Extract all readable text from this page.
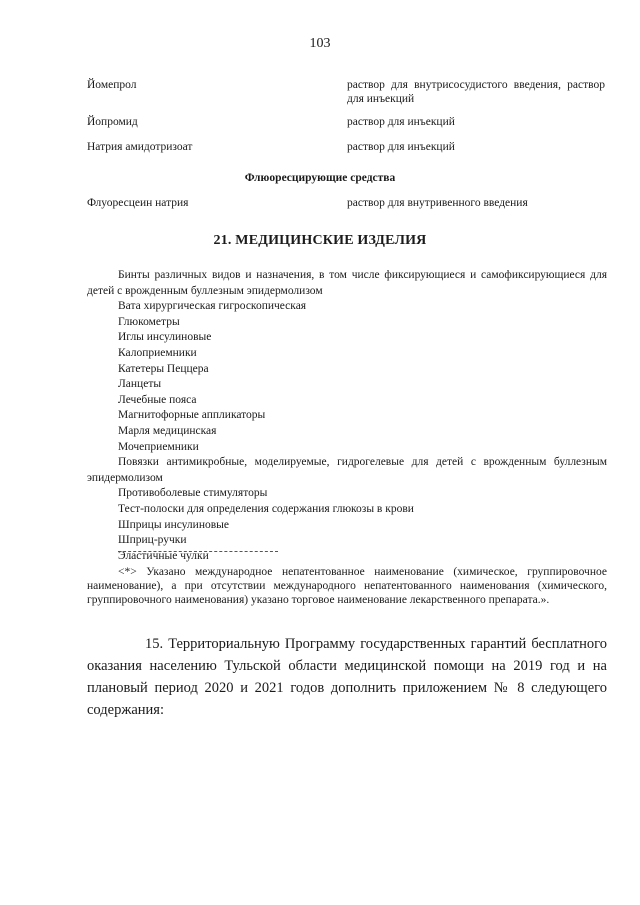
103
Йомепрол	раствор для внутрисосудистого введения, раствор для инъекций
Йопромид	раствор для инъекций
Натрия амидотризоат	раствор для инъекций
Флюоресцирующие средства
Флуоресцеин натрия	раствор для внутривенного введения
21. МЕДИЦИНСКИЕ ИЗДЕЛИЯ

Бинты различных видов и назначения, в том числе фиксирующиеся и самофиксирующиеся для детей с врожденным буллезным эпидермолизом

Вата хирургическая гигроскопическая

Глюкометры

Иглы инсулиновые

Калоприемники

Катетеры Пеццера

Ланцеты

Лечебные пояса

Магнитофорные аппликаторы

Марля медицинская

Мочеприемники

Повязки антимикробные, моделируемые, гидрогелевые для детей с врожденным буллезным эпидермолизом

Противоболевые стимуляторы

Тест-полоски для определения содержания глюкозы в крови

Шприцы инсулиновые

Шприц-ручки

Эластичные чулки

<*> Указано международное непатентованное наименование (химическое, группировочное наименование), а при отсутствии международного непатентованного наименования (химического, группировочного наименования) указано торговое наименование лекарственного препарата.».
15. Территориальную Программу государственных гарантий бесплатного оказания населению Тульской области медицинской помощи на 2019 год и на плановый период 2020 и 2021 годов дополнить приложением № 8 следующего содержания:
